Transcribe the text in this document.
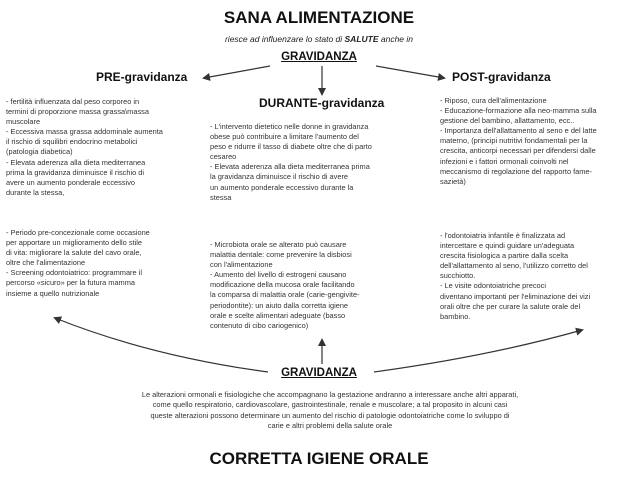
SANA ALIMENTAZIONE
riesce ad influenzare lo stato di SALUTE anche in
GRAVIDANZA
PRE-gravidanza
- fertilità influenzata dal peso corporeo in
termini di proporzione massa grassa\massa
muscolare
- Eccessiva massa grassa addominale aumenta
il rischio di squilibri endocrino metabolici
(patologia diabetica)
- Elevata aderenza alla dieta mediterranea
prima la gravidanza diminuisce il rischio di
avere un aumento ponderale eccessivo
durante la stessa,
- Periodo pre-concezionale come occasione
per apportare un miglioramento dello stile
di vita: migliorare la salute del cavo orale,
oltre che l'alimentazione
- Screening odontoiatrico: programmare il
percorso «sicuro» per la futura mamma
insieme a quello nutrizionale
DURANTE-gravidanza
- L'intervento dietetico nelle donne in gravidanza
obese può contribuire a limitare l'aumento del
peso e ridurre il tasso di diabete oltre che di parto
cesareo
- Elevata aderenza alla dieta mediterranea prima
la gravidanza diminuisce il rischio di avere
un aumento ponderale eccessivo durante la
stessa
- Microbiota orale se alterato può causare
malattia dentale: come prevenire la disbiosi
con l'alimentazione
- Aumento del livello di estrogeni causano
modificazione della mucosa orale facilitando
la comparsa di malattia orale (carie-gengivite-
periodontite): un aiuto dalla corretta igiene
orale e scelte alimentari adeguate (basso
contenuto di cibo cariogenico)
POST-gravidanza
- Riposo, cura dell'alimentazione
- Educazione-formazione alla neo-mamma sulla
gestione del bambino, allattamento, ecc..
- Importanza dell'allattamento al seno e del latte
materno, (principi nutritivi fondamentali per la
crescita, anticorpi necessari per difendersi dalle
infezioni e i fattori ormonali coinvolti nel
meccanismo di regolazione del rapporto fame-
sazietà)
- l'odontoiatria infantile è finalizzata ad
intercettare e quindi guidare un'adeguata
crescita fisiologica a partire dalla scelta
dell'allattamento al seno, l'utilizzo corretto del
succhiotto.
- Le visite odontoiatriche precoci
diventano importanti per l'eliminazione dei vizi
orali oltre che per curare la salute orale del
bambino.
GRAVIDANZA
Le alterazioni ormonali e fisiologiche che accompagnano la gestazione andranno a interessare anche altri apparati,
come quello respiratorio, cardiovascolare, gastrointestinale, renale e muscolare; a tal proposito in alcuni casi
queste alterazioni possono determinare un aumento del rischio di patologie odontoiatriche come lo sviluppo di
carie e altri problemi della salute orale
CORRETTA IGIENE ORALE
